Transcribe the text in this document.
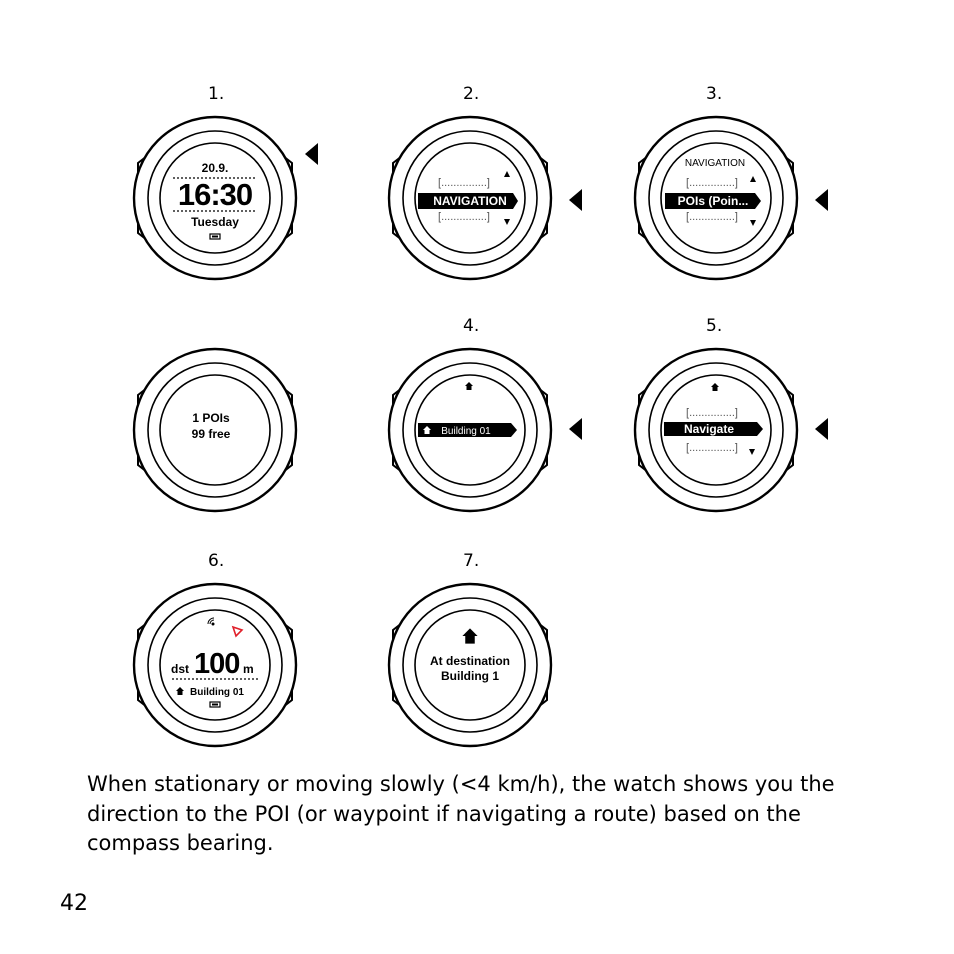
1.
20.9.
16:30
Tuesday
2.
[...............]
NAVIGATION
[...............]
3.
NAVIGATION
[...............]
POIs (Poin...
[...............]
1 POIs
99 free
4.
Building 01
5.
[...............]
Navigate
[...............]
6.
dst 100 m
Building 01
7.
At destination
Building 1
When stationary or moving slowly (<4 km/h), the watch shows you the direction to the POI (or waypoint if navigating a route) based on the compass bearing.
42
